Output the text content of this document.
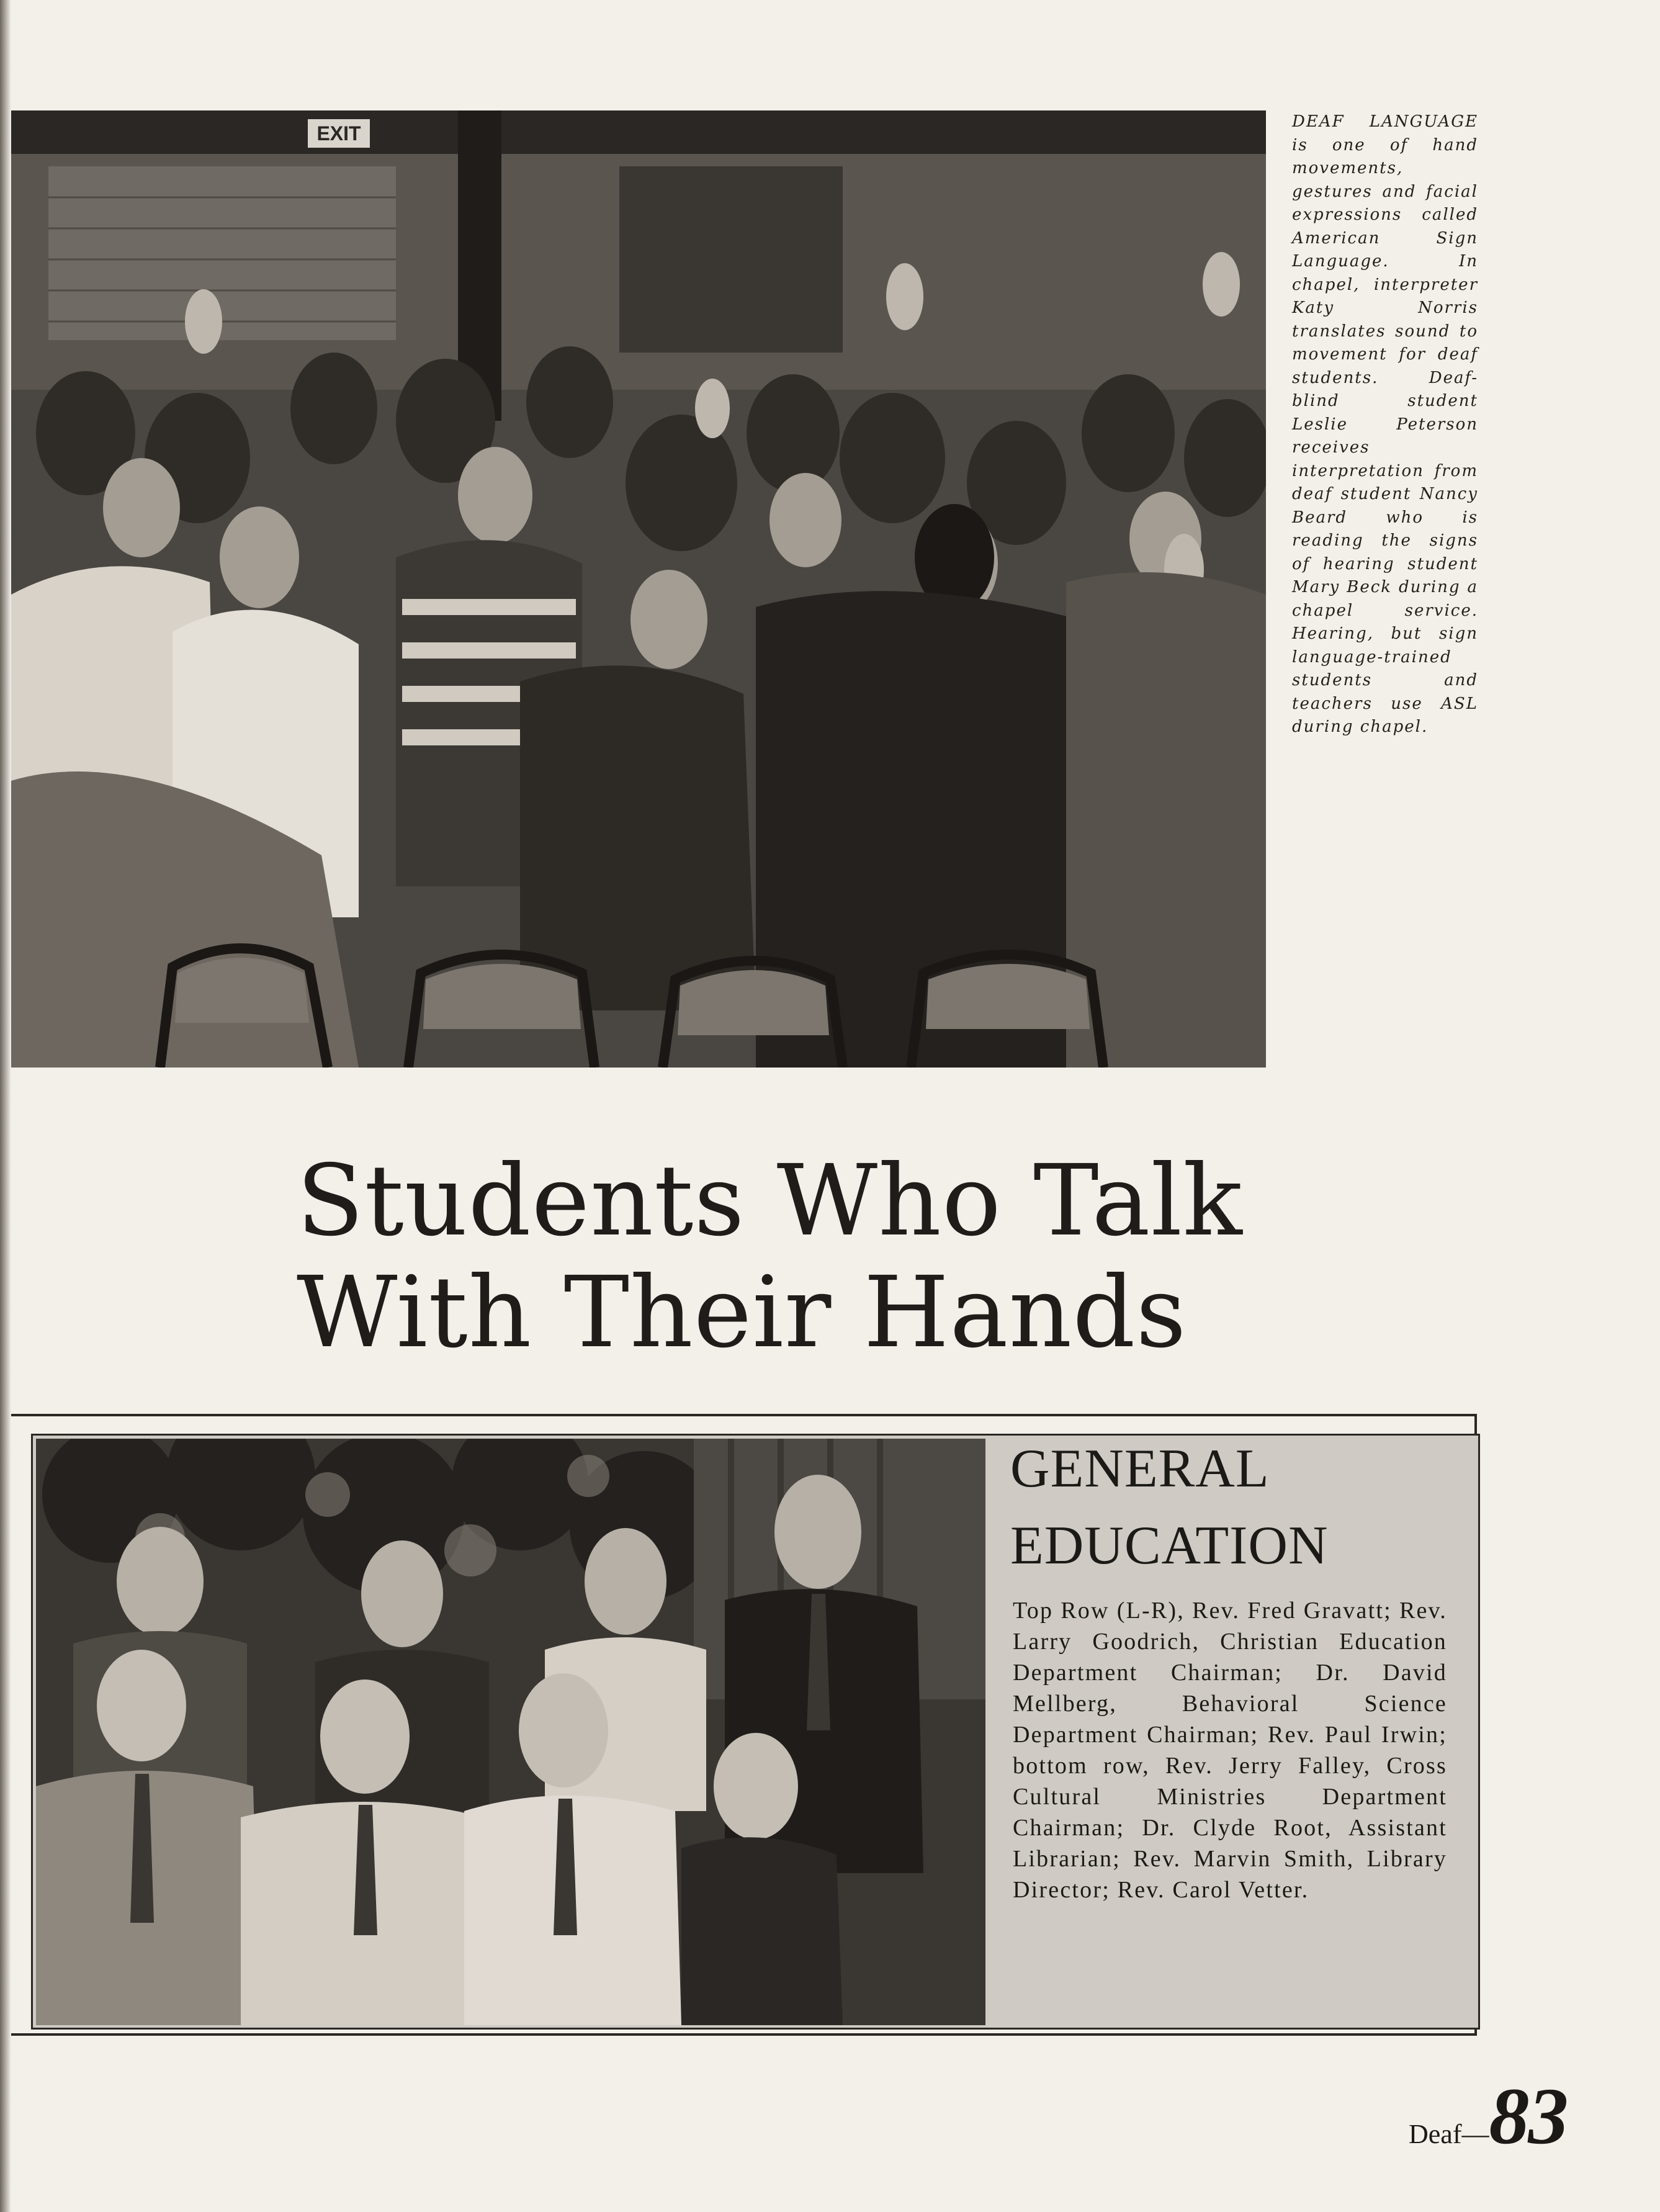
EXIT
DEAF LANGUAGE is one of hand movements, gestures and facial expressions called American Sign Language. In chapel, interpreter Katy Norris translates sound to movement for deaf students. Deaf-blind student Leslie Peterson receives interpretation from deaf student Nancy Beard who is reading the signs of hearing student Mary Beck during a chapel service. Hearing, but sign language-trained students and teachers use ASL during chapel.
Students Who Talk
With Their Hands
GENERAL
EDUCATION
Top Row (L-R), Rev. Fred Gravatt; Rev. Larry Goodrich, Christian Education Department Chairman; Dr. David Mellberg, Behavioral Science Department Chairman; Rev. Paul Irwin; bottom row, Rev. Jerry Falley, Cross Cultural Ministries Department Chairman; Dr. Clyde Root, Assistant Librarian; Rev. Marvin Smith, Library Director; Rev. Carol Vetter.
Deaf — 83
